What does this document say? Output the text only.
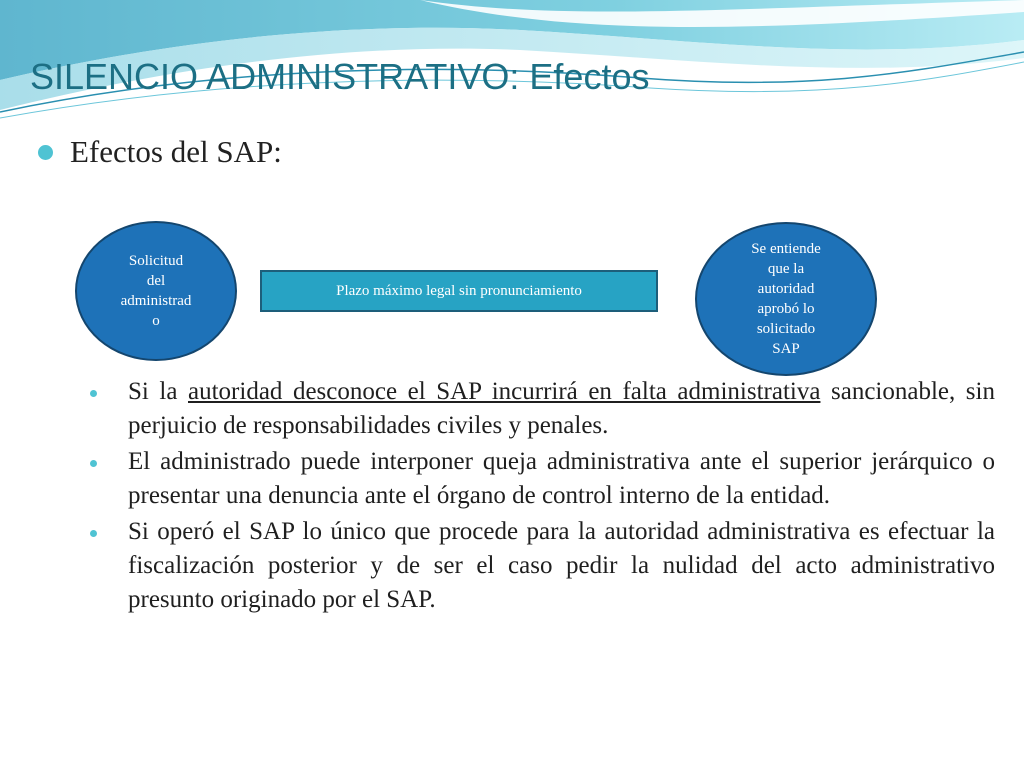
SILENCIO ADMINISTRATIVO: Efectos
Efectos del SAP:
Solicitud
del
administrad
o
Plazo máximo legal sin pronunciamiento
Se entiende
que la
autoridad
aprobó lo
solicitado
SAP
Si la autoridad desconoce el SAP incurrirá en falta administrativa sancionable, sin perjuicio de responsabilidades civiles y penales.
El administrado puede interponer queja administrativa ante el superior jerárquico o presentar una denuncia ante el órgano de control interno de la entidad.
Si operó el SAP lo único que procede para la autoridad administrativa es efectuar la fiscalización posterior y de ser el caso pedir la nulidad del acto administrativo presunto originado por el SAP.
